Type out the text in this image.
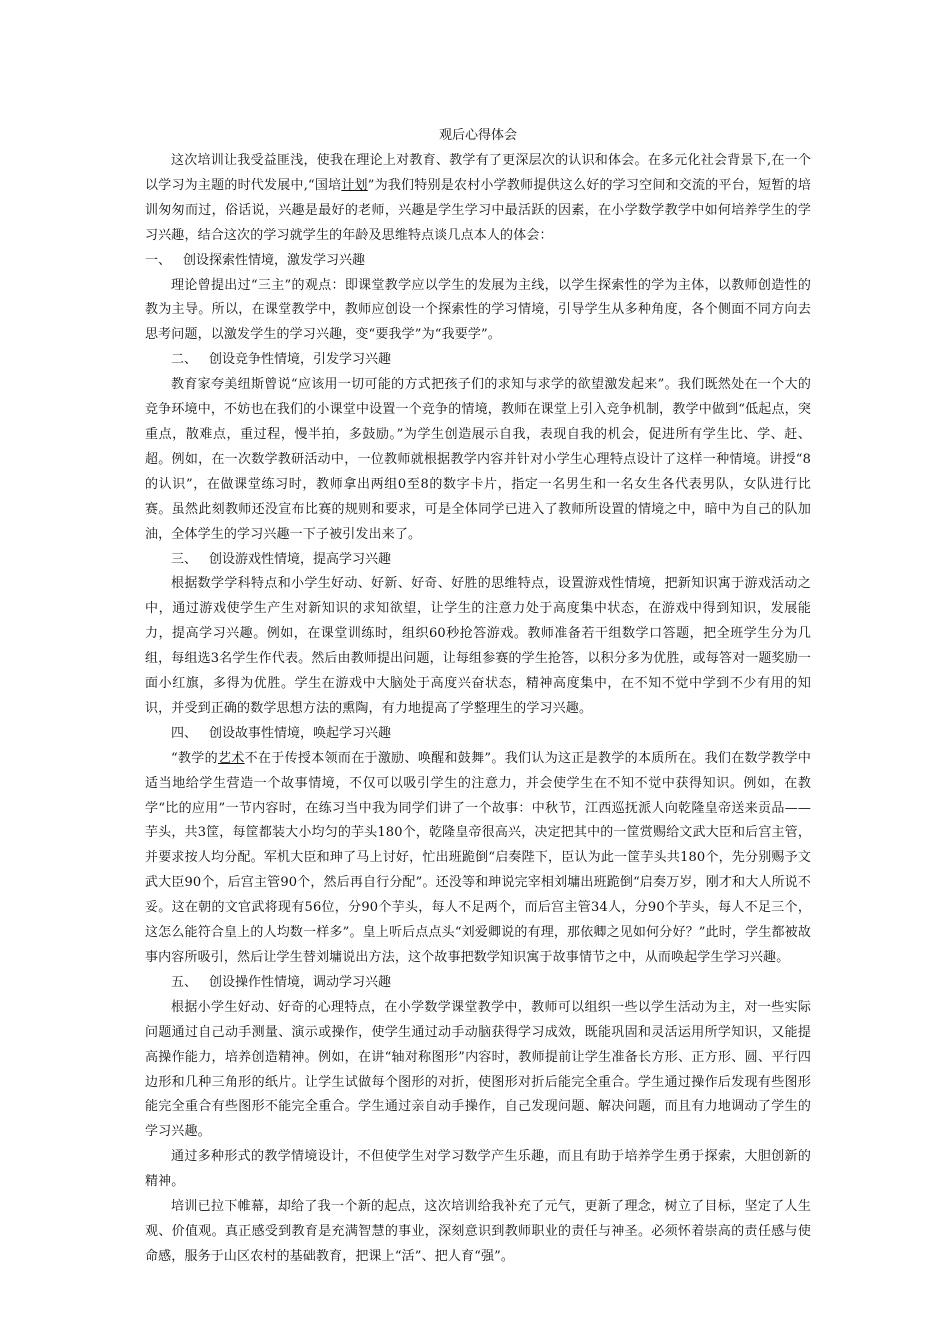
观后心得体会

这次培训让我受益匪浅，使我在理论上对教育、教学有了更深层次的认识和体会。在多元化社会背景下,在一个以学习为主题的时代发展中,“国培计划”为我们特别是农村小学教师提供这么好的学习空间和交流的平台，短暂的培训匆匆而过，俗话说，兴趣是最好的老师，兴趣是学生学习中最活跃的因素，在小学数学教学中如何培养学生的学习兴趣，结合这次的学习就学生的年龄及思维特点谈几点本人的体会：

一、 创设探索性情境，激发学习兴趣

理论曾提出过“三主”的观点：即课堂教学应以学生的发展为主线，以学生探索性的学为主体，以教师创造性的教为主导。所以，在课堂教学中，教师应创设一个探索性的学习情境，引导学生从多种角度，各个侧面不同方向去思考问题，以激发学生的学习兴趣，变“要我学”为“我要学”。

二、 创设竞争性情境，引发学习兴趣

教育家夸美纽斯曾说“应该用一切可能的方式把孩子们的求知与求学的欲望激发起来”。我们既然处在一个大的竞争环境中，不妨也在我们的小课堂中设置一个竞争的情境，教师在课堂上引入竞争机制，教学中做到“低起点，突重点，散难点，重过程，慢半拍，多鼓励。”为学生创造展示自我，表现自我的机会，促进所有学生比、学、赶、超。例如，在一次数学教研活动中，一位教师就根据教学内容并针对小学生心理特点设计了这样一种情境。讲授“8的认识”，在做课堂练习时，教师拿出两组0至8的数字卡片，指定一名男生和一名女生各代表男队，女队进行比赛。虽然此刻教师还没宣布比赛的规则和要求，可是全体同学已进入了教师所设置的情境之中，暗中为自己的队加油，全体学生的学习兴趣一下子被引发出来了。

三、 创设游戏性情境，提高学习兴趣

根据数学学科特点和小学生好动、好新、好奇、好胜的思维特点，设置游戏性情境，把新知识寓于游戏活动之中，通过游戏使学生产生对新知识的求知欲望，让学生的注意力处于高度集中状态，在游戏中得到知识，发展能力，提高学习兴趣。例如，在课堂训练时，组织60秒抢答游戏。教师准备若干组数学口答题，把全班学生分为几组，每组选3名学生作代表。然后由教师提出问题，让每组参赛的学生抢答，以积分多为优胜，或每答对一题奖励一面小红旗，多得为优胜。学生在游戏中大脑处于高度兴奋状态，精神高度集中，在不知不觉中学到不少有用的知识，并受到正确的数学思想方法的熏陶，有力地提高了学整理生的学习兴趣。

四、 创设故事性情境，唤起学习兴趣

“教学的艺术不在于传授本领而在于激励、唤醒和鼓舞”。我们认为这正是教学的本质所在。我们在数学教学中适当地给学生营造一个故事情境，不仅可以吸引学生的注意力，并会使学生在不知不觉中获得知识。例如，在教学“比的应用”一节内容时，在练习当中我为同学们讲了一个故事：中秋节，江西巡抚派人向乾隆皇帝送来贡品——芋头，共3筐，每筐都装大小均匀的芋头180个，乾隆皇帝很高兴，决定把其中的一筐赏赐给文武大臣和后宫主管，并要求按人均分配。军机大臣和珅了马上讨好，忙出班跪倒“启奏陛下，臣认为此一筐芋头共180个，先分别赐予文武大臣90个，后宫主管90个，然后再自行分配”。还没等和珅说完宰相刘墉出班跪倒“启奏万岁，刚才和大人所说不妥。这在朝的文官武将现有56位，分90个芋头，每人不足两个，而后宫主管34人，分90个芋头，每人不足三个，这怎么能符合皇上的人均数一样多”。皇上听后点点头“刘爱卿说的有理，那依卿之见如何分好？”此时，学生都被故事内容所吸引，然后让学生替刘墉说出方法，这个故事把数学知识寓于故事情节之中，从而唤起学生学习兴趣。

五、 创设操作性情境，调动学习兴趣

根据小学生好动、好奇的心理特点，在小学数学课堂教学中，教师可以组织一些以学生活动为主，对一些实际问题通过自己动手测量、演示或操作，使学生通过动手动脑获得学习成效，既能巩固和灵活运用所学知识，又能提高操作能力，培养创造精神。例如，在讲“轴对称图形”内容时，教师提前让学生准备长方形、正方形、圆、平行四边形和几种三角形的纸片。让学生试做每个图形的对折，使图形对折后能完全重合。学生通过操作后发现有些图形能完全重合有些图形不能完全重合。学生通过亲自动手操作，自己发现问题、解决问题，而且有力地调动了学生的学习兴趣。

通过多种形式的教学情境设计，不但使学生对学习数学产生乐趣，而且有助于培养学生勇于探索，大胆创新的精神。

培训已拉下帷幕，却给了我一个新的起点，这次培训给我补充了元气，更新了理念，树立了目标，坚定了人生观、价值观。真正感受到教育是充满智慧的事业，深刻意识到教师职业的责任与神圣。必须怀着崇高的责任感与使命感，服务于山区农村的基础教育，把课上“活”、把人育“强”。
